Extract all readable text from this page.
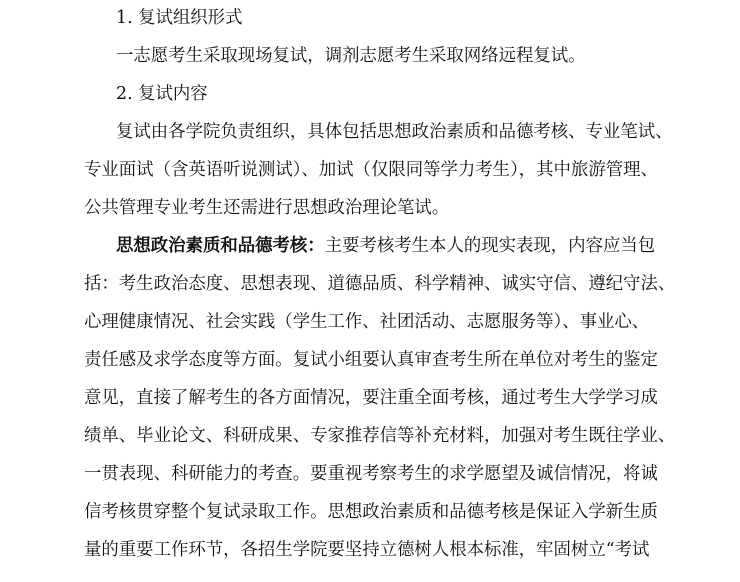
1. 复试组织形式
一志愿考生采取现场复试，调剂志愿考生采取网络远程复试。
2. 复试内容
复试由各学院负责组织，具体包括思想政治素质和品德考核、专业笔试、
专业面试（含英语听说测试）、加试（仅限同等学力考生），其中旅游管理、
公共管理专业考生还需进行思想政治理论笔试。
思想政治素质和品德考核：主要考核考生本人的现实表现，内容应当包
括：考生政治态度、思想表现、道德品质、科学精神、诚实守信、遵纪守法、
心理健康情况、社会实践（学生工作、社团活动、志愿服务等）、事业心、
责任感及求学态度等方面。复试小组要认真审查考生所在单位对考生的鉴定
意见，直接了解考生的各方面情况，要注重全面考核，通过考生大学学习成
绩单、毕业论文、科研成果、专家推荐信等补充材料，加强对考生既往学业、
一贯表现、科研能力的考查。要重视考察考生的求学愿望及诚信情况，将诚
信考核贯穿整个复试录取工作。思想政治素质和品德考核是保证入学新生质
量的重要工作环节，各招生学院要坚持立德树人根本标准，牢固树立“考试
